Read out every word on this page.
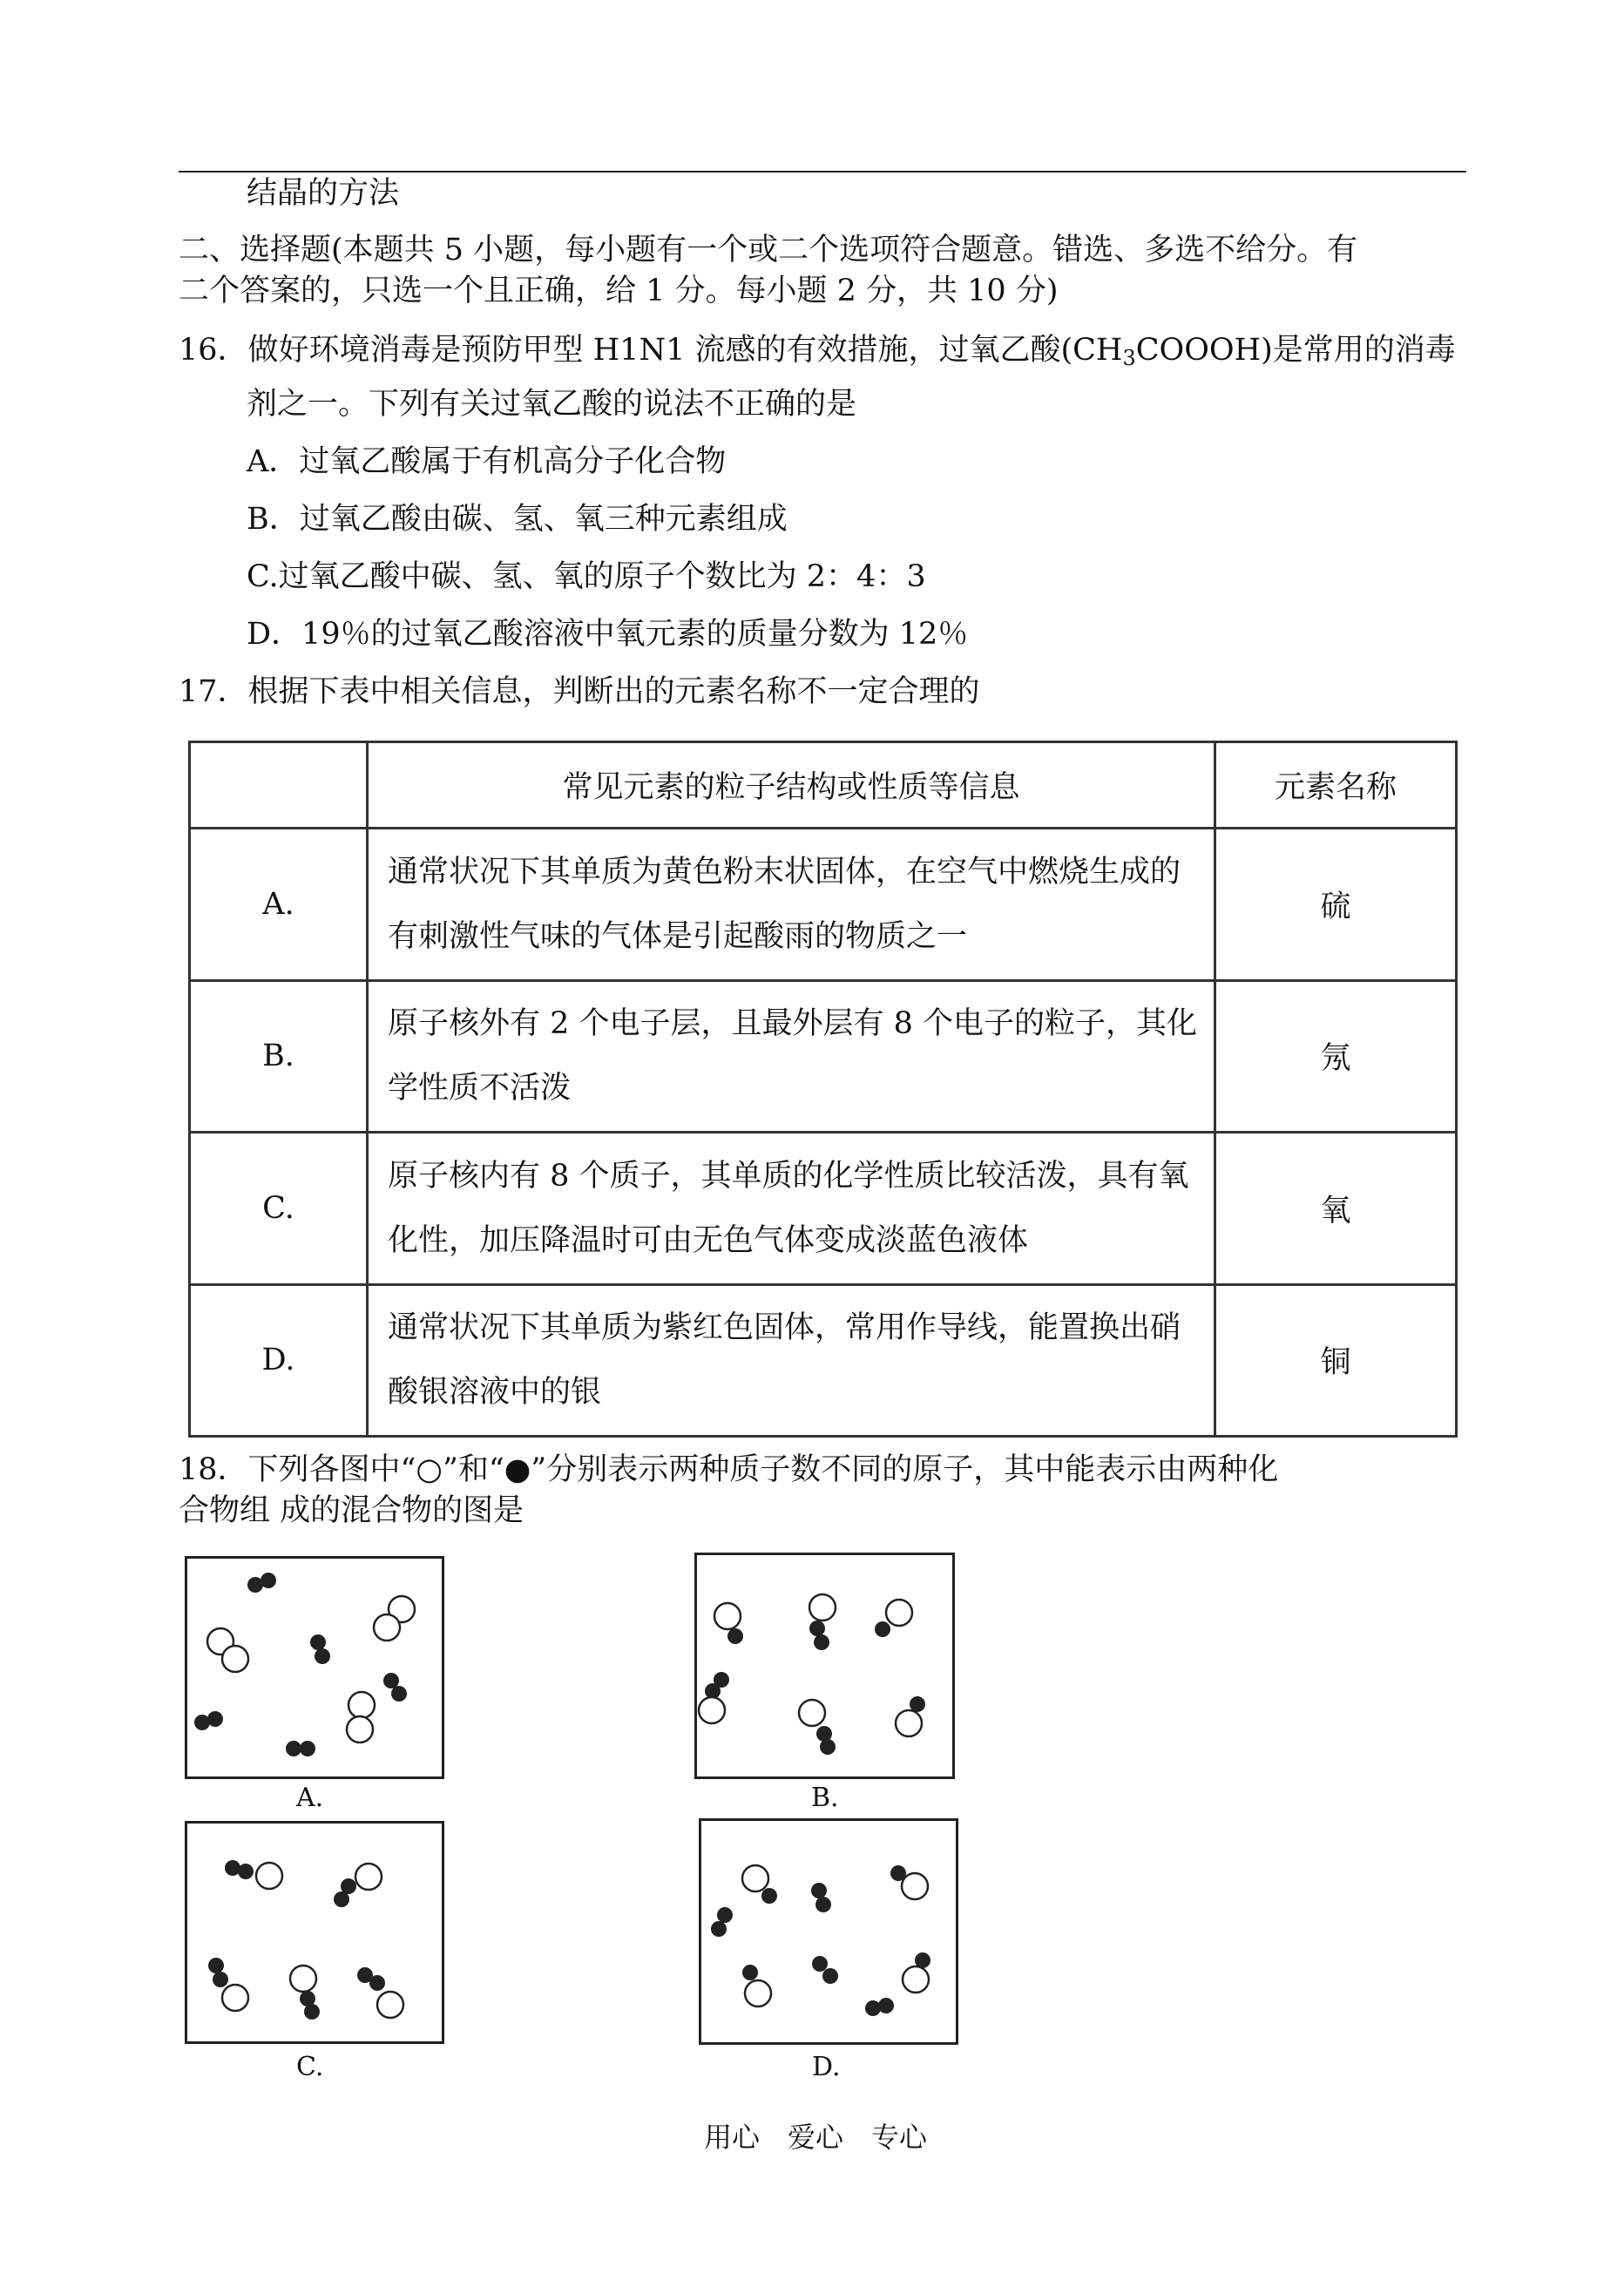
结晶的方法
二、选择题(本题共 5 小题，每小题有一个或二个选项符合题意。错选、多选不给分。有
二个答案的，只选一个且正确，给 1 分。每小题 2 分，共 10 分)
16．做好环境消毒是预防甲型 H1N1 流感的有效措施，过氧乙酸$(CH_3COOOH)$是常用的消毒
剂之一。下列有关过氧乙酸的说法不正确的是
A．过氧乙酸属于有机高分子化合物
B．过氧乙酸由碳、氢、氧三种元素组成
C.过氧乙酸中碳、氢、氧的原子个数比为 2：4：3
D．19％的过氧乙酸溶液中氧元素的质量分数为 12％
17．根据下表中相关信息，判断出的元素名称不一定合理的
	常见元素的粒子结构或性质等信息	元素名称
A.	通常状况下其单质为黄色粉末状固体，在空气中燃烧生成的有刺激性气味的气体是引起酸雨的物质之一	硫
B.	原子核外有 2 个电子层，且最外层有 8 个电子的粒子，其化学性质不活泼	氖
C.	原子核内有 8 个质子，其单质的化学性质比较活泼，具有氧化性，加压降温时可由无色气体变成淡蓝色液体	氧
D.	通常状况下其单质为紫红色固体，常用作导线，能置换出硝酸银溶液中的银	铜
18．下列各图中“○”和“●”分别表示两种质子数不同的原子，其中能表示由两种化
合物组 成的混合物的图是
A.	B.
C.	D.
用心　爱心　专心
